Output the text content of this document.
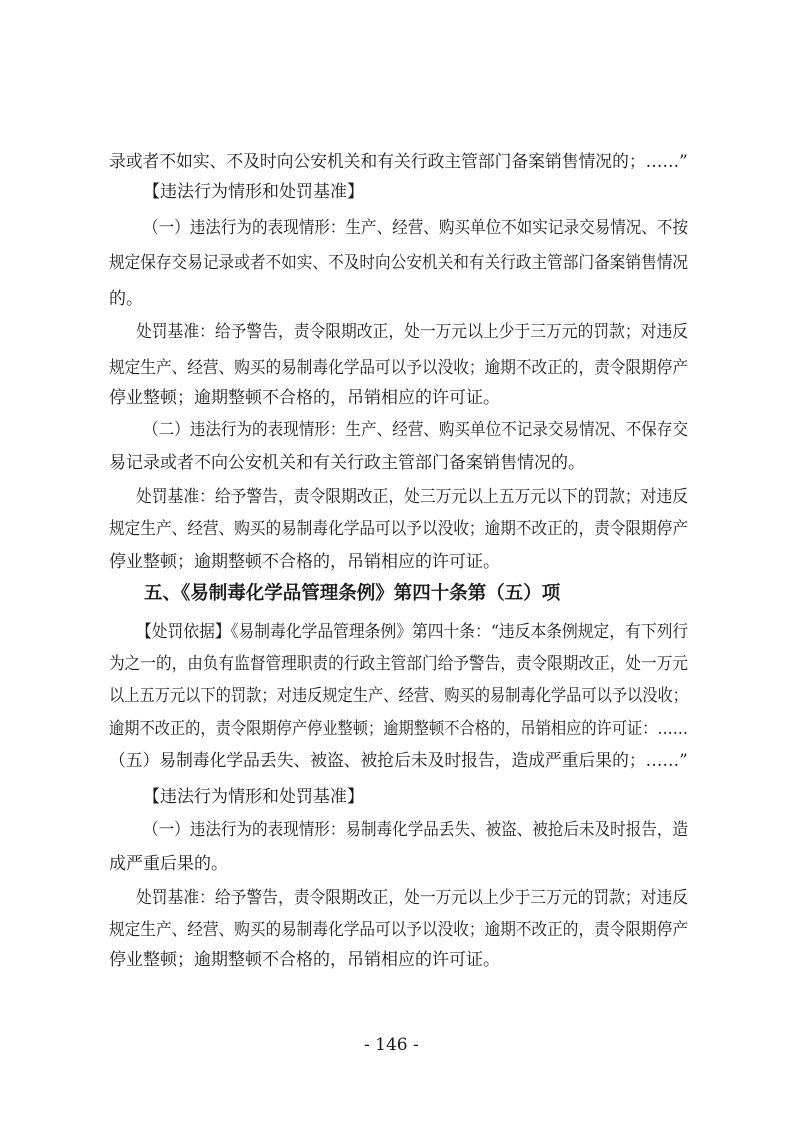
录或者不如实、不及时向公安机关和有关行政主管部门备案销售情况的；……”
【违法行为情形和处罚基准】
（一）违法行为的表现情形：生产、经营、购买单位不如实记录交易情况、不按
规定保存交易记录或者不如实、不及时向公安机关和有关行政主管部门备案销售情况
的。
处罚基准：给予警告，责令限期改正，处一万元以上少于三万元的罚款；对违反
规定生产、经营、购买的易制毒化学品可以予以没收；逾期不改正的，责令限期停产
停业整顿；逾期整顿不合格的，吊销相应的许可证。
（二）违法行为的表现情形：生产、经营、购买单位不记录交易情况、不保存交
易记录或者不向公安机关和有关行政主管部门备案销售情况的。
处罚基准：给予警告，责令限期改正，处三万元以上五万元以下的罚款；对违反
规定生产、经营、购买的易制毒化学品可以予以没收；逾期不改正的，责令限期停产
停业整顿；逾期整顿不合格的，吊销相应的许可证。
五、《易制毒化学品管理条例》第四十条第（五）项
【处罚依据】《易制毒化学品管理条例》第四十条：“违反本条例规定，有下列行
为之一的，由负有监督管理职责的行政主管部门给予警告，责令限期改正，处一万元
以上五万元以下的罚款；对违反规定生产、经营、购买的易制毒化学品可以予以没收；
逾期不改正的，责令限期停产停业整顿；逾期整顿不合格的，吊销相应的许可证：……
（五）易制毒化学品丢失、被盗、被抢后未及时报告，造成严重后果的；……”
【违法行为情形和处罚基准】
（一）违法行为的表现情形：易制毒化学品丢失、被盗、被抢后未及时报告，造
成严重后果的。
处罚基准：给予警告，责令限期改正，处一万元以上少于三万元的罚款；对违反
规定生产、经营、购买的易制毒化学品可以予以没收；逾期不改正的，责令限期停产
停业整顿；逾期整顿不合格的，吊销相应的许可证。
- 146 -
